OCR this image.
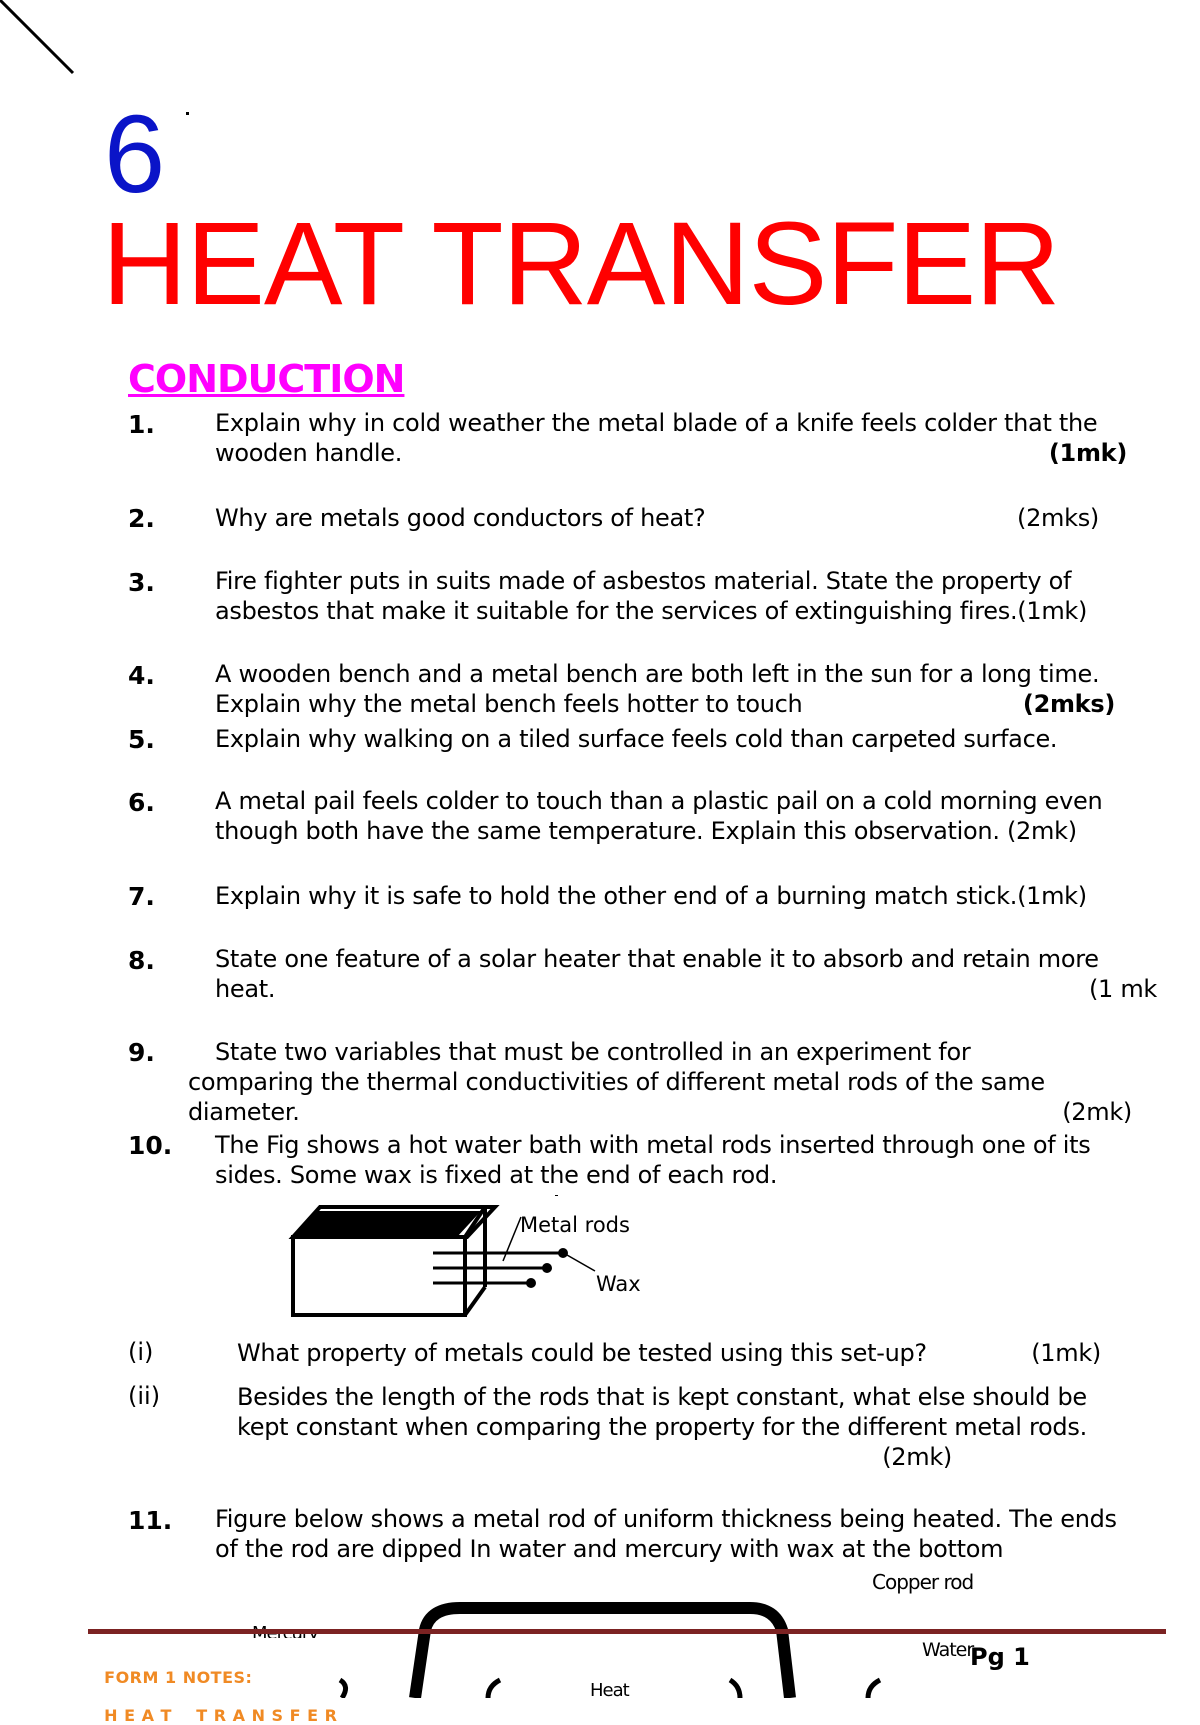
6
HEAT TRANSFER
CONDUCTION
1.	Explain why in cold weather the metal blade of a knife feels colder that the wooden handle.	(1mk)
2.	Why are metals good conductors of heat?	(2mks)
3.	Fire fighter puts in suits made of asbestos material. State the property of asbestos that make it suitable for the services of extinguishing fires.(1mk)
4.	A wooden bench and a metal bench are both left in the sun for a long time. Explain why the metal bench feels hotter to touch	(2mks)
5.	Explain why walking on a tiled surface feels cold than carpeted surface.
6.	A metal pail feels colder to touch than a plastic pail on a cold morning even though both have the same temperature. Explain this observation. (2mk)
7.	Explain why it is safe to hold the other end of a burning match stick.(1mk)
8.	State one feature of a solar heater that enable it to absorb and retain more heat.	(1 mk
9.	State two variables that must be controlled in an experiment for
comparing the thermal conductivities of different metal rods of the same diameter.	(2mk)
10. The Fig shows a hot water bath with metal rods inserted through one of its sides. Some wax is fixed at the end of each rod.
Metal rods
Wax
(i)	What property of metals could be tested using this set-up?	(1mk)
(ii)	Besides the length of the rods that is kept constant, what else should be kept constant when comparing the property for the different metal rods.
(2mk)
11. Figure below shows a metal rod of uniform thickness being heated. The ends of the rod are dipped In water and mercury with wax at the bottom
Copper rod
Water
Heat

FORM 1 NOTES:

H E A T    T R A N S F E R

Pg 1
